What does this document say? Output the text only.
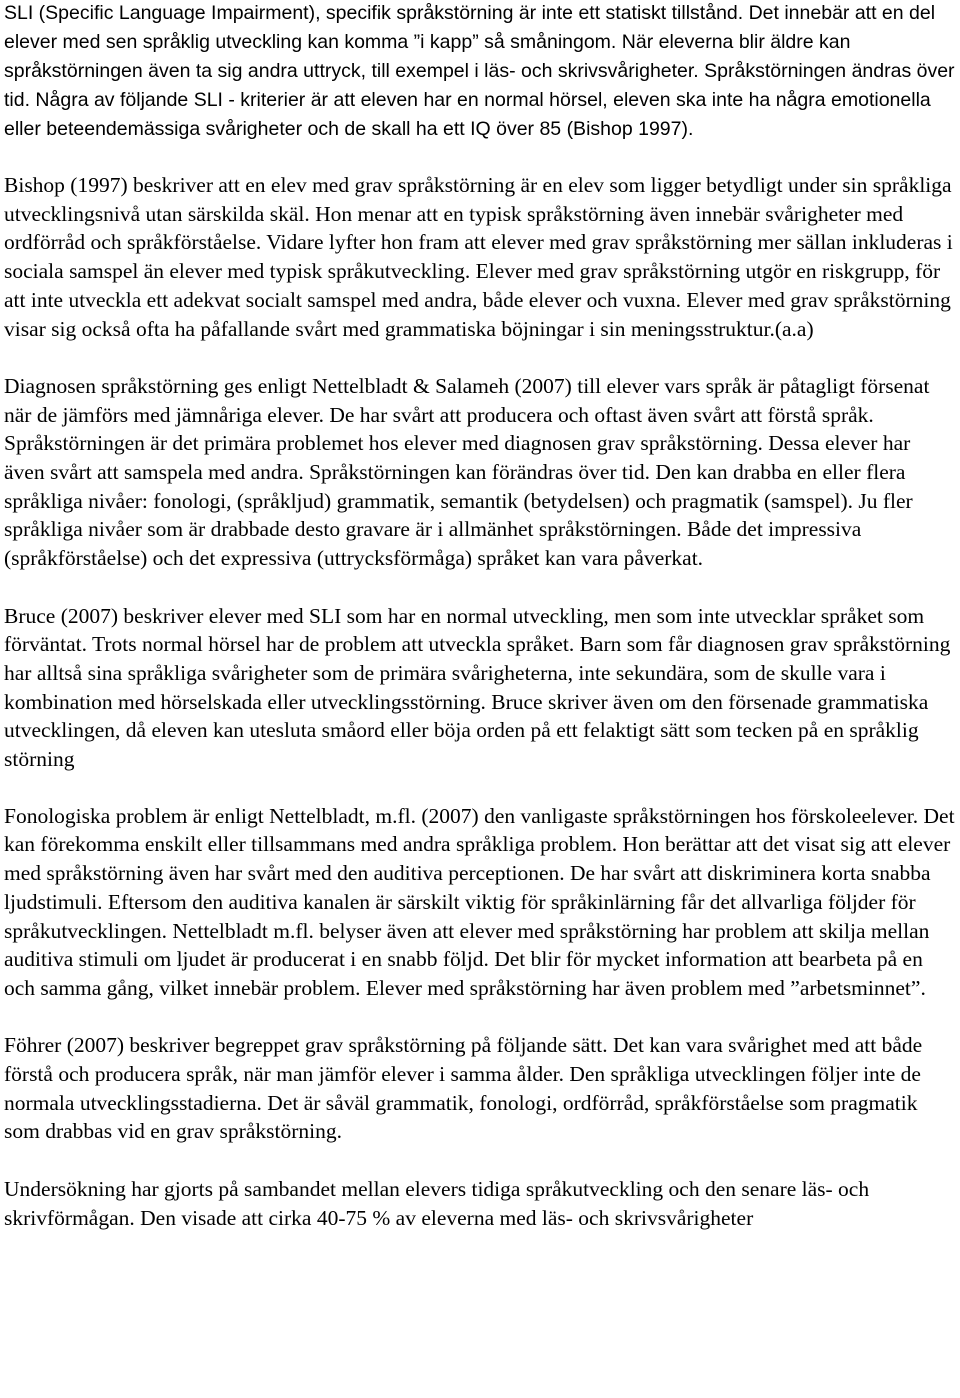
SLI (Specific Language Impairment), specifik språkstörning är inte ett statiskt tillstånd. Det innebär att en del elever med sen språklig utveckling kan komma ”i kapp” så småningom. När eleverna blir äldre kan språkstörningen även ta sig andra uttryck, till exempel i läs- och skrivsvårigheter. Språkstörningen ändras över tid. Några av följande SLI - kriterier är att eleven har en normal hörsel, eleven ska inte ha några emotionella eller beteendemässiga svårigheter och de skall ha ett IQ över 85 (Bishop 1997).

Bishop (1997) beskriver att en elev med grav språkstörning är en elev som ligger betydligt under sin språkliga utvecklingsnivå utan särskilda skäl. Hon menar att en typisk språkstörning även innebär svårigheter med ordförråd och språkförståelse. Vidare lyfter hon fram att elever med grav språkstörning mer sällan inkluderas i sociala samspel än elever med typisk språkutveckling. Elever med grav språkstörning utgör en riskgrupp, för att inte utveckla ett adekvat socialt samspel med andra, både elever och vuxna. Elever med grav språkstörning visar sig också ofta ha påfallande svårt med grammatiska böjningar i sin meningsstruktur.(a.a)

Diagnosen språkstörning ges enligt Nettelbladt & Salameh (2007) till elever vars språk är påtagligt försenat när de jämförs med jämnåriga elever. De har svårt att producera och oftast även svårt att förstå språk. Språkstörningen är det primära problemet hos elever med diagnosen grav språkstörning. Dessa elever har även svårt att samspela med andra. Språkstörningen kan förändras över tid. Den kan drabba en eller flera språkliga nivåer: fonologi, (språkljud) grammatik, semantik (betydelsen) och pragmatik (samspel). Ju fler språkliga nivåer som är drabbade desto gravare är i allmänhet språkstörningen. Både det impressiva (språkförståelse) och det expressiva (uttrycksförmåga) språket kan vara påverkat.

Bruce (2007) beskriver elever med SLI som har en normal utveckling, men som inte utvecklar språket som förväntat. Trots normal hörsel har de problem att utveckla språket. Barn som får diagnosen grav språkstörning har alltså sina språkliga svårigheter som de primära svårigheterna, inte sekundära, som de skulle vara i kombination med hörselskada eller utvecklingsstörning. Bruce skriver även om den försenade grammatiska utvecklingen, då eleven kan utesluta småord eller böja orden på ett felaktigt sätt som tecken på en språklig störning

Fonologiska problem är enligt Nettelbladt, m.fl. (2007) den vanligaste språkstörningen hos förskoleelever. Det kan förekomma enskilt eller tillsammans med andra språkliga problem. Hon berättar att det visat sig att elever med språkstörning även har svårt med den auditiva perceptionen. De har svårt att diskriminera korta snabba ljudstimuli. Eftersom den auditiva kanalen är särskilt viktig för språkinlärning får det allvarliga följder för språkutvecklingen. Nettelbladt m.fl. belyser även att elever med språkstörning har problem att skilja mellan auditiva stimuli om ljudet är producerat i en snabb följd. Det blir för mycket information att bearbeta på en och samma gång, vilket innebär problem. Elever med språkstörning har även problem med ”arbetsminnet”.

Föhrer (2007) beskriver begreppet grav språkstörning på följande sätt. Det kan vara svårighet med att både förstå och producera språk, när man jämför elever i samma ålder. Den språkliga utvecklingen följer inte de normala utvecklingsstadierna. Det är såväl grammatik, fonologi, ordförråd, språkförståelse som pragmatik som drabbas vid en grav språkstörning.

Undersökning har gjorts på sambandet mellan elevers tidiga språkutveckling och den senare läs- och skrivförmågan. Den visade att cirka 40-75 % av eleverna med läs- och skrivsvårigheter
